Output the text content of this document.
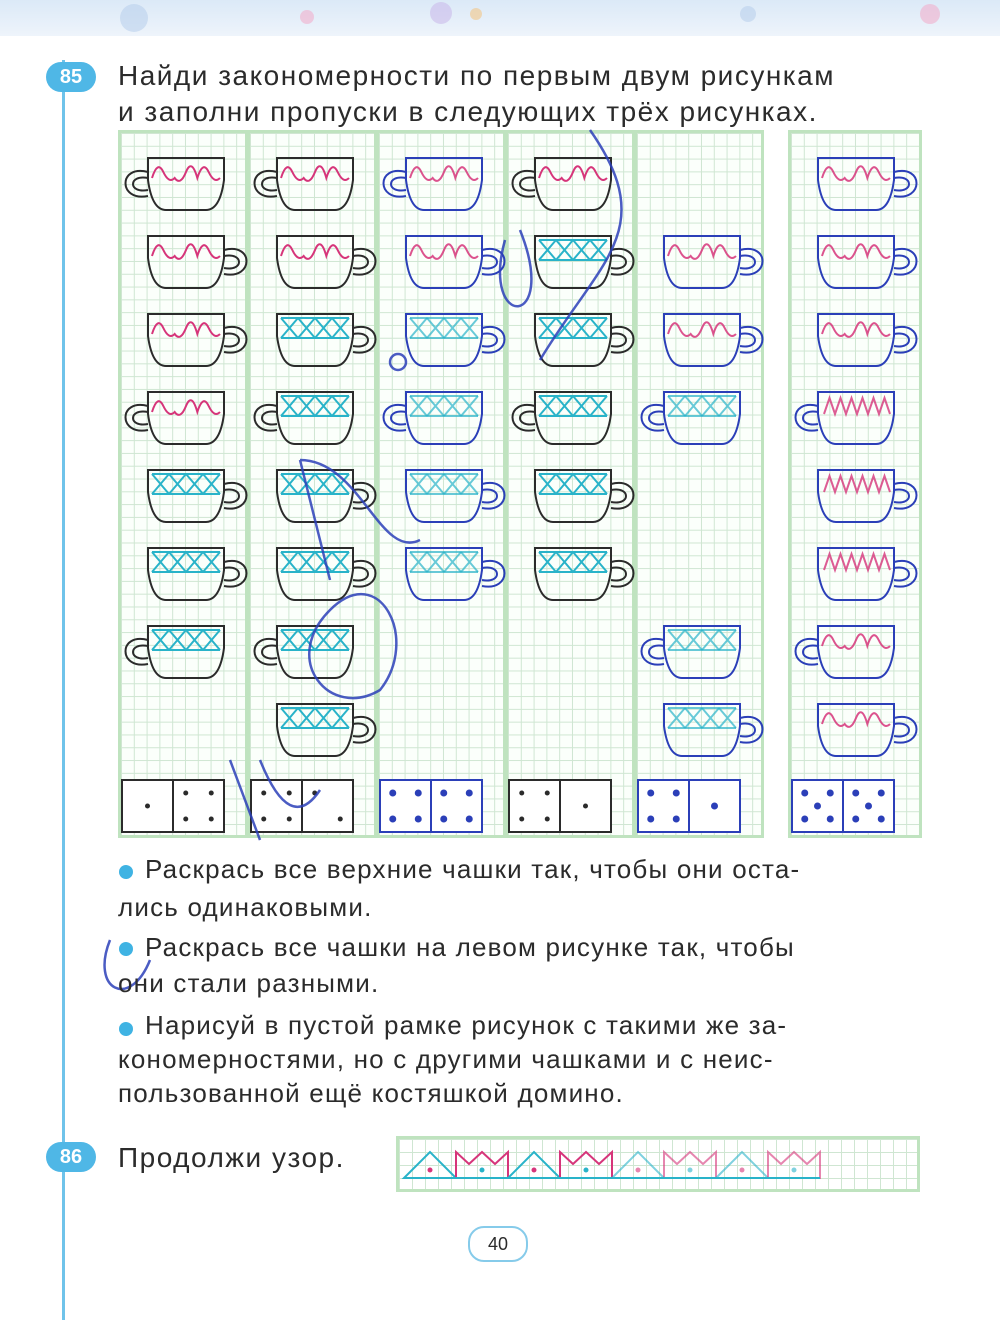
85	Найди закономерности по первым двум рисункам
и заполни пропуски в следующих трёх рисунках.
Раскрась все верхние чашки так, чтобы они оста-
лись одинаковыми.
Раскрась все чашки на левом рисунке так, чтобы
они стали разными.
Нарисуй в пустой рамке рисунок с такими же за-
кономерностями, но с другими чашками и с неис-
пользованной ещё костяшкой домино.
86	Продолжи узор.
40
